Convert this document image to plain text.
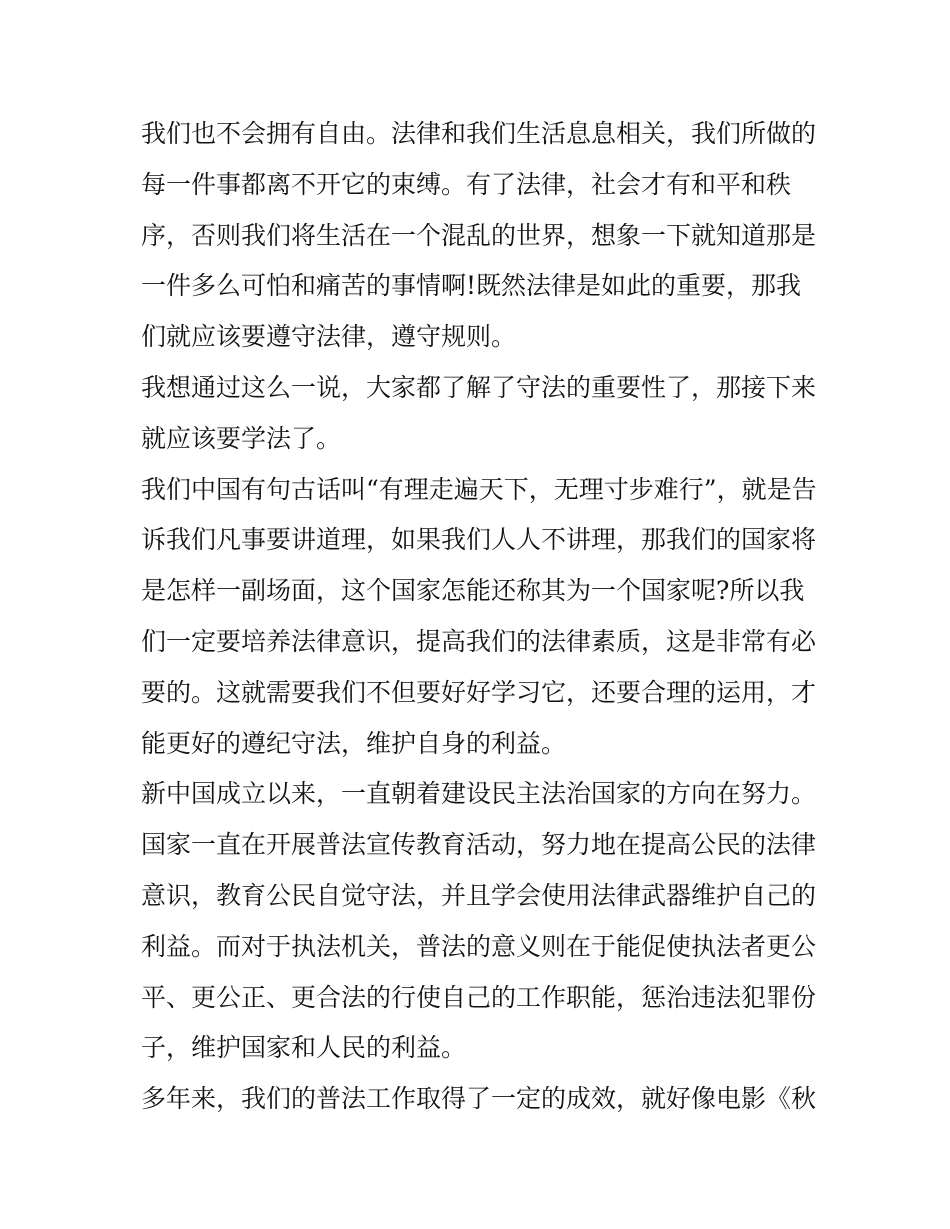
我们也不会拥有自由。法律和我们生活息息相关，我们所做的
每一件事都离不开它的束缚。有了法律，社会才有和平和秩
序，否则我们将生活在一个混乱的世界，想象一下就知道那是
一件多么可怕和痛苦的事情啊!既然法律是如此的重要，那我
们就应该要遵守法律，遵守规则。
我想通过这么一说，大家都了解了守法的重要性了，那接下来
就应该要学法了。
我们中国有句古话叫“有理走遍天下，无理寸步难行”，就是告
诉我们凡事要讲道理，如果我们人人不讲理，那我们的国家将
是怎样一副场面，这个国家怎能还称其为一个国家呢?所以我
们一定要培养法律意识，提高我们的法律素质，这是非常有必
要的。这就需要我们不但要好好学习它，还要合理的运用，才
能更好的遵纪守法，维护自身的利益。
新中国成立以来，一直朝着建设民主法治国家的方向在努力。
国家一直在开展普法宣传教育活动，努力地在提高公民的法律
意识，教育公民自觉守法，并且学会使用法律武器维护自己的
利益。而对于执法机关，普法的意义则在于能促使执法者更公
平、更公正、更合法的行使自己的工作职能，惩治违法犯罪份
子，维护国家和人民的利益。
多年来，我们的普法工作取得了一定的成效，就好像电影《秋
